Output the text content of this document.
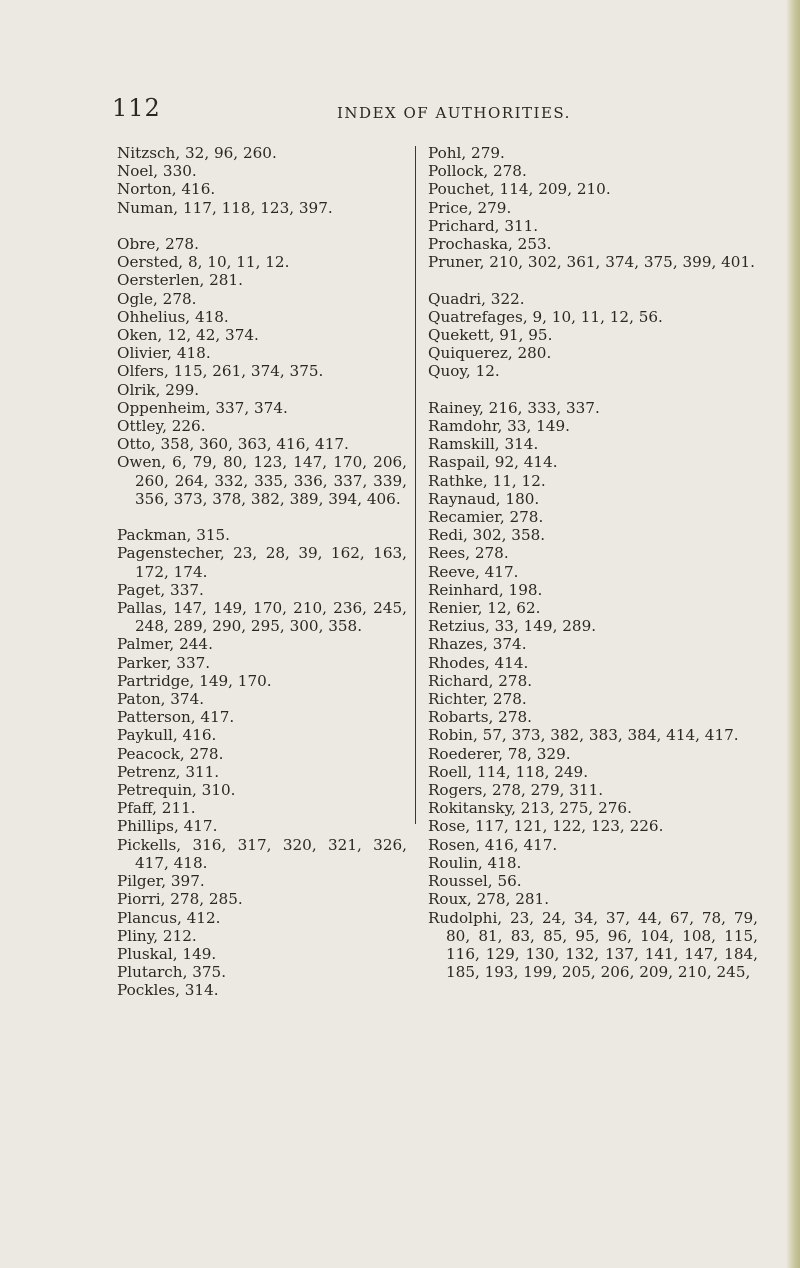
112	INDEX OF AUTHORITIES.
Nitzsch, 32, 96, 260.
Noel, 330.
Norton, 416.
Numan, 117, 118, 123, 397.
Obre, 278.
Oersted, 8, 10, 11, 12.
Oersterlen, 281.
Ogle, 278.
Ohhelius, 418.
Oken, 12, 42, 374.
Olivier, 418.
Olfers, 115, 261, 374, 375.
Olrik, 299.
Oppenheim, 337, 374.
Ottley, 226.
Otto, 358, 360, 363, 416, 417.
Owen, 6, 79, 80, 123, 147, 170, 206, 260, 264, 332, 335, 336, 337, 339, 356, 373, 378, 382, 389, 394, 406.
Packman, 315.
Pagenstecher, 23, 28, 39, 162, 163, 172, 174.
Paget, 337.
Pallas, 147, 149, 170, 210, 236, 245, 248, 289, 290, 295, 300, 358.
Palmer, 244.
Parker, 337.
Partridge, 149, 170.
Paton, 374.
Patterson, 417.
Paykull, 416.
Peacock, 278.
Petrenz, 311.
Petrequin, 310.
Pfaff, 211.
Phillips, 417.
Pickells, 316, 317, 320, 321, 326, 417, 418.
Pilger, 397.
Piorri, 278, 285.
Plancus, 412.
Pliny, 212.
Pluskal, 149.
Plutarch, 375.
Pockles, 314.
Pohl, 279.
Pollock, 278.
Pouchet, 114, 209, 210.
Price, 279.
Prichard, 311.
Prochaska, 253.
Pruner, 210, 302, 361, 374, 375, 399, 401.
Quadri, 322.
Quatrefages, 9, 10, 11, 12, 56.
Quekett, 91, 95.
Quiquerez, 280.
Quoy, 12.
Rainey, 216, 333, 337.
Ramdohr, 33, 149.
Ramskill, 314.
Raspail, 92, 414.
Rathke, 11, 12.
Raynaud, 180.
Recamier, 278.
Redi, 302, 358.
Rees, 278.
Reeve, 417.
Reinhard, 198.
Renier, 12, 62.
Retzius, 33, 149, 289.
Rhazes, 374.
Rhodes, 414.
Richard, 278.
Richter, 278.
Robarts, 278.
Robin, 57, 373, 382, 383, 384, 414, 417.
Roederer, 78, 329.
Roell, 114, 118, 249.
Rogers, 278, 279, 311.
Rokitansky, 213, 275, 276.
Rose, 117, 121, 122, 123, 226.
Rosen, 416, 417.
Roulin, 418.
Roussel, 56.
Roux, 278, 281.
Rudolphi, 23, 24, 34, 37, 44, 67, 78, 79, 80, 81, 83, 85, 95, 96, 104, 108, 115, 116, 129, 130, 132, 137, 141, 147, 184, 185, 193, 199, 205, 206, 209, 210, 245,
